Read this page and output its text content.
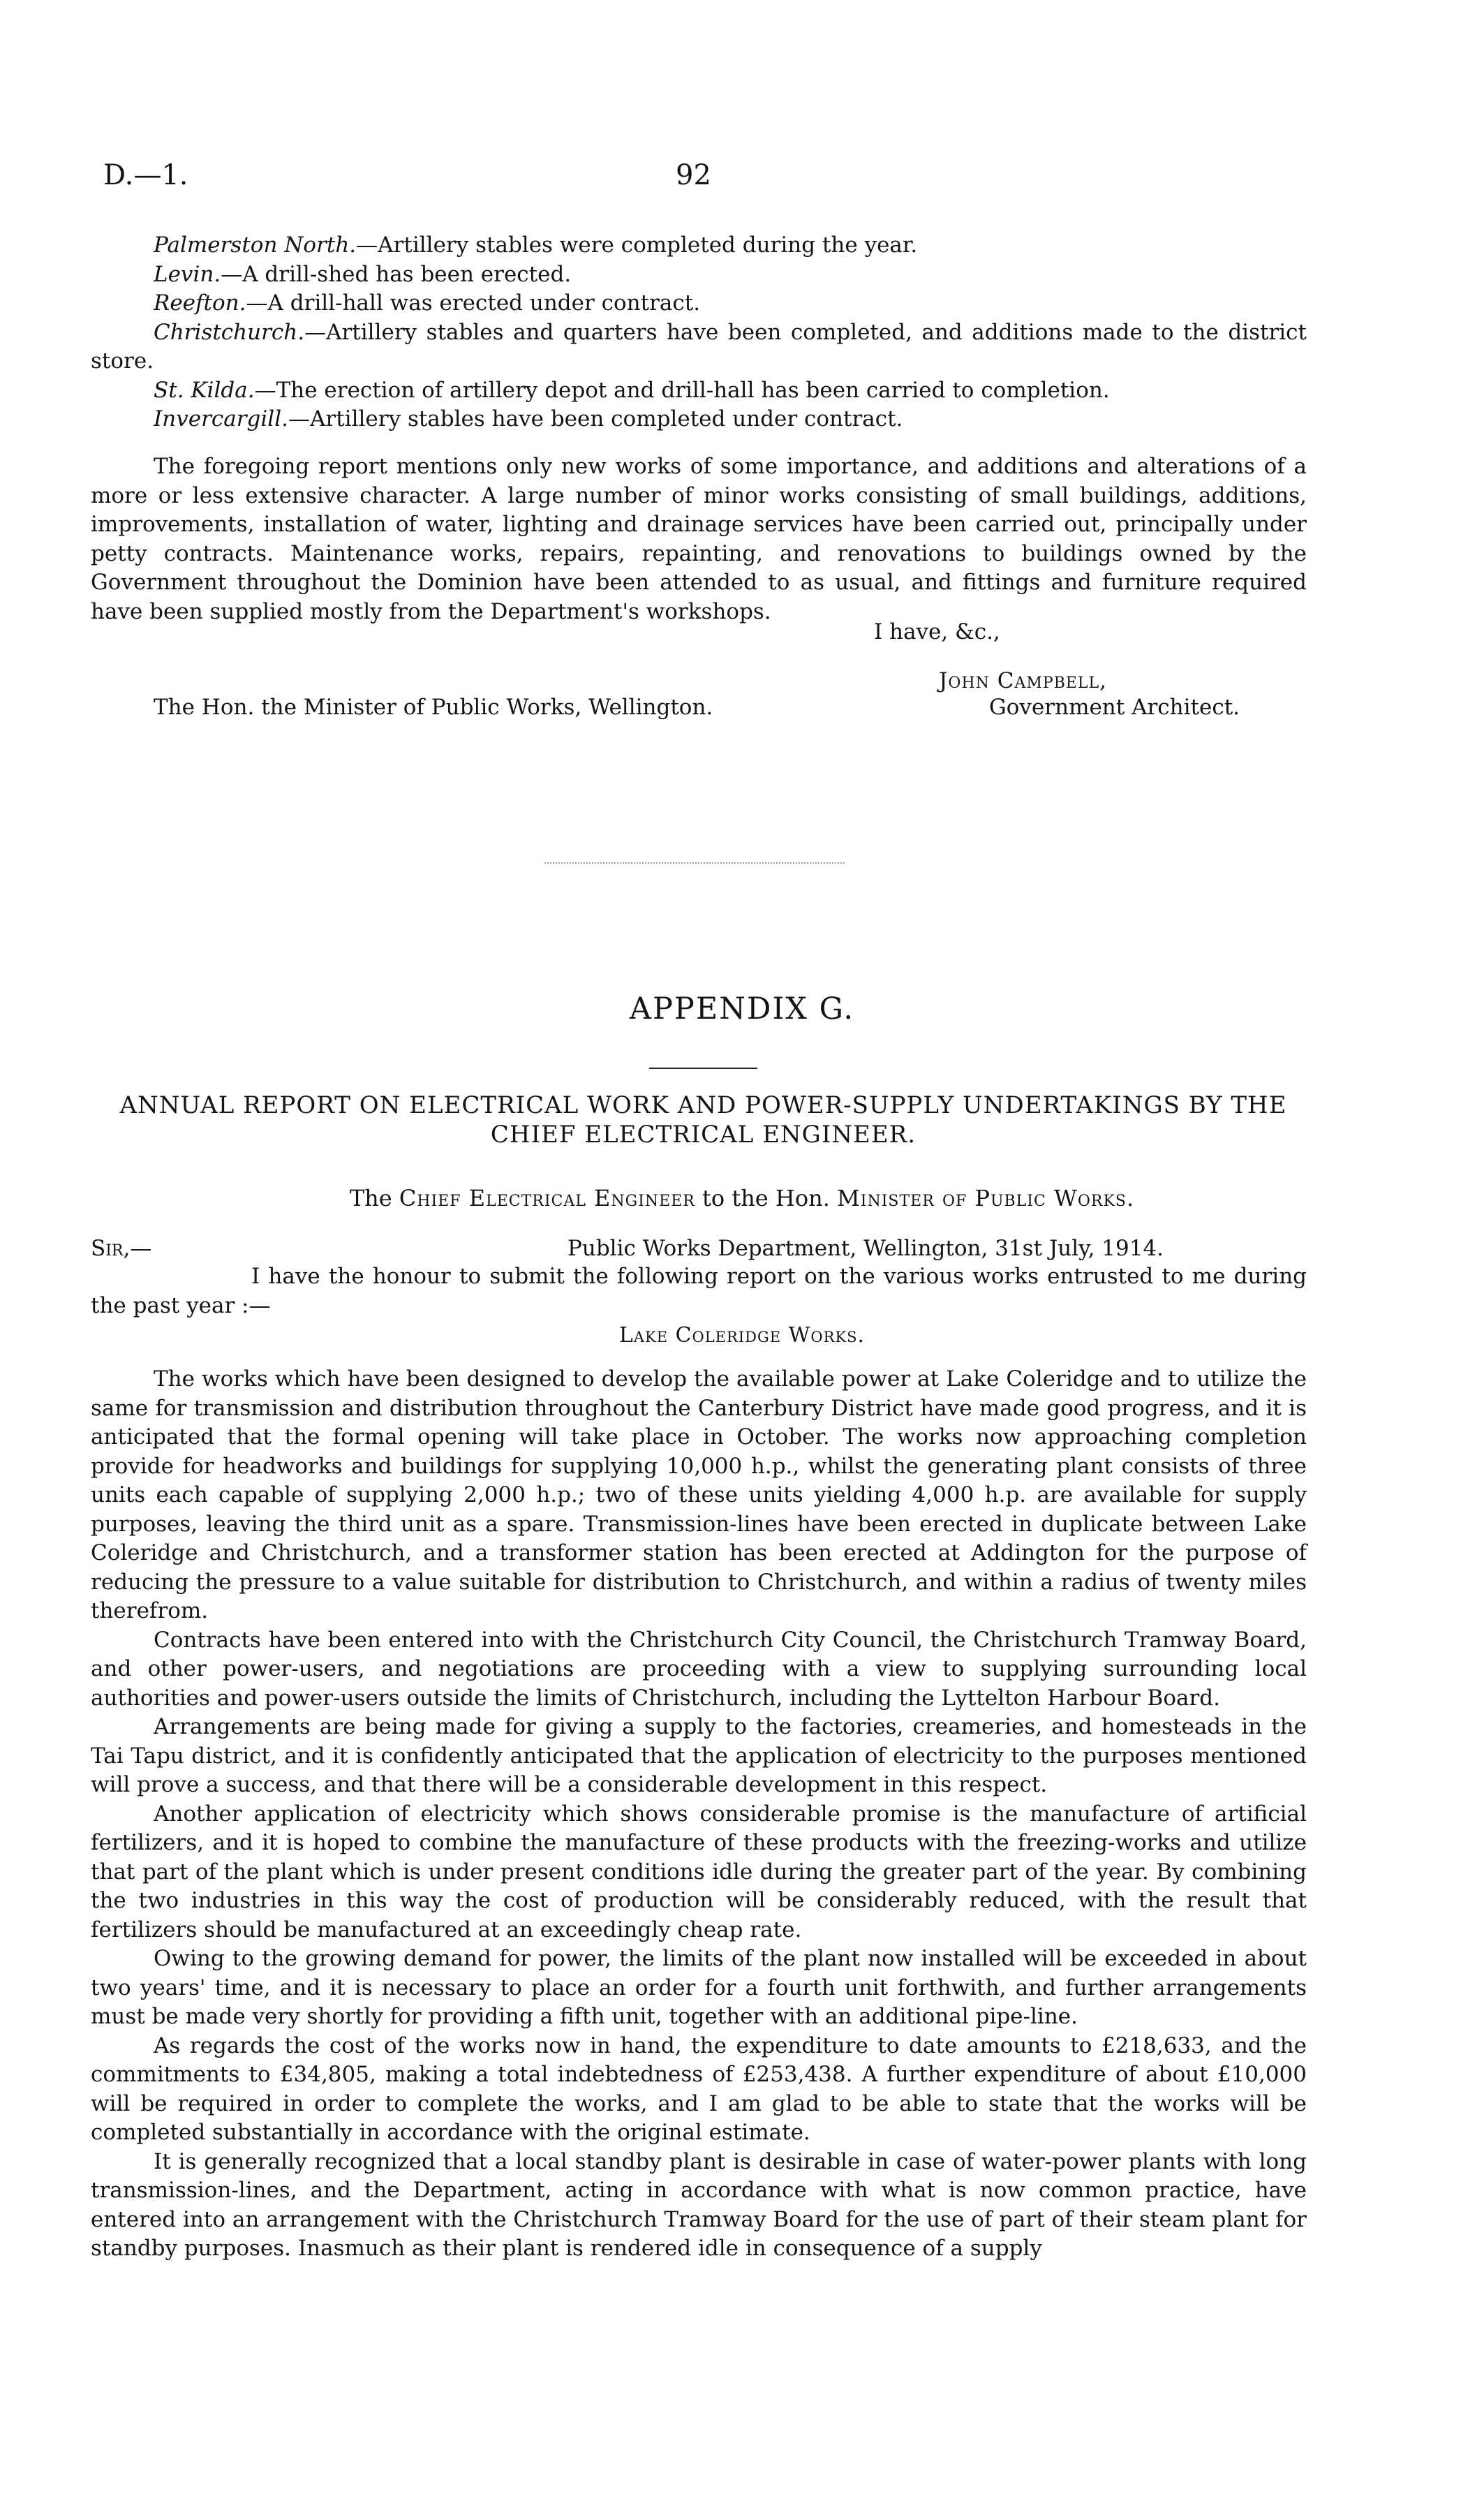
D.—1.	92

Palmerston North.—Artillery stables were completed during the year.

Levin.—A drill-shed has been erected.

Reefton.—A drill-hall was erected under contract.

Christchurch.—Artillery stables and quarters have been completed, and additions made to the district store.

St. Kilda.—The erection of artillery depot and drill-hall has been carried to completion.

Invercargill.—Artillery stables have been completed under contract.

The foregoing report mentions only new works of some importance, and additions and alterations of a more or less extensive character. A large number of minor works consisting of small buildings, additions, improvements, installation of water, lighting and drainage services have been carried out, principally under petty contracts. Maintenance works, repairs, repainting, and renovations to buildings owned by the Government throughout the Dominion have been attended to as usual, and fittings and furniture required have been supplied mostly from the Department's workshops.

I have, &c.,
John Campbell,
The Hon. the Minister of Public Works, Wellington.	Government Architect.
APPENDIX G.
ANNUAL REPORT ON ELECTRICAL WORK AND POWER-SUPPLY UNDERTAKINGS BY THE CHIEF ELECTRICAL ENGINEER.
The Chief Electrical Engineer to the Hon. Minister of Public Works.
Sir,—	Public Works Department, Wellington, 31st July, 1914.

I have the honour to submit the following report on the various works entrusted to me during the past year :—

Lake Coleridge Works.

The works which have been designed to develop the available power at Lake Coleridge and to utilize the same for transmission and distribution throughout the Canterbury District have made good progress, and it is anticipated that the formal opening will take place in October. The works now approaching completion provide for headworks and buildings for supplying 10,000 h.p., whilst the generating plant consists of three units each capable of supplying 2,000 h.p.; two of these units yielding 4,000 h.p. are available for supply purposes, leaving the third unit as a spare. Transmission-lines have been erected in duplicate between Lake Coleridge and Christchurch, and a transformer station has been erected at Addington for the purpose of reducing the pressure to a value suitable for distribution to Christchurch, and within a radius of twenty miles therefrom.

Contracts have been entered into with the Christchurch City Council, the Christchurch Tramway Board, and other power-users, and negotiations are proceeding with a view to supplying surrounding local authorities and power-users outside the limits of Christchurch, including the Lyttelton Harbour Board.

Arrangements are being made for giving a supply to the factories, creameries, and homesteads in the Tai Tapu district, and it is confidently anticipated that the application of electricity to the purposes mentioned will prove a success, and that there will be a considerable development in this respect.

Another application of electricity which shows considerable promise is the manufacture of artificial fertilizers, and it is hoped to combine the manufacture of these products with the freezing-works and utilize that part of the plant which is under present conditions idle during the greater part of the year. By combining the two industries in this way the cost of production will be considerably reduced, with the result that fertilizers should be manufactured at an exceedingly cheap rate.

Owing to the growing demand for power, the limits of the plant now installed will be exceeded in about two years' time, and it is necessary to place an order for a fourth unit forthwith, and further arrangements must be made very shortly for providing a fifth unit, together with an additional pipe-line.

As regards the cost of the works now in hand, the expenditure to date amounts to £218,633, and the commitments to £34,805, making a total indebtedness of £253,438. A further expenditure of about £10,000 will be required in order to complete the works, and I am glad to be able to state that the works will be completed substantially in accordance with the original estimate.

It is generally recognized that a local standby plant is desirable in case of water-power plants with long transmission-lines, and the Department, acting in accordance with what is now common practice, have entered into an arrangement with the Christchurch Tramway Board for the use of part of their steam plant for standby purposes. Inasmuch as their plant is rendered idle in consequence of a supply
